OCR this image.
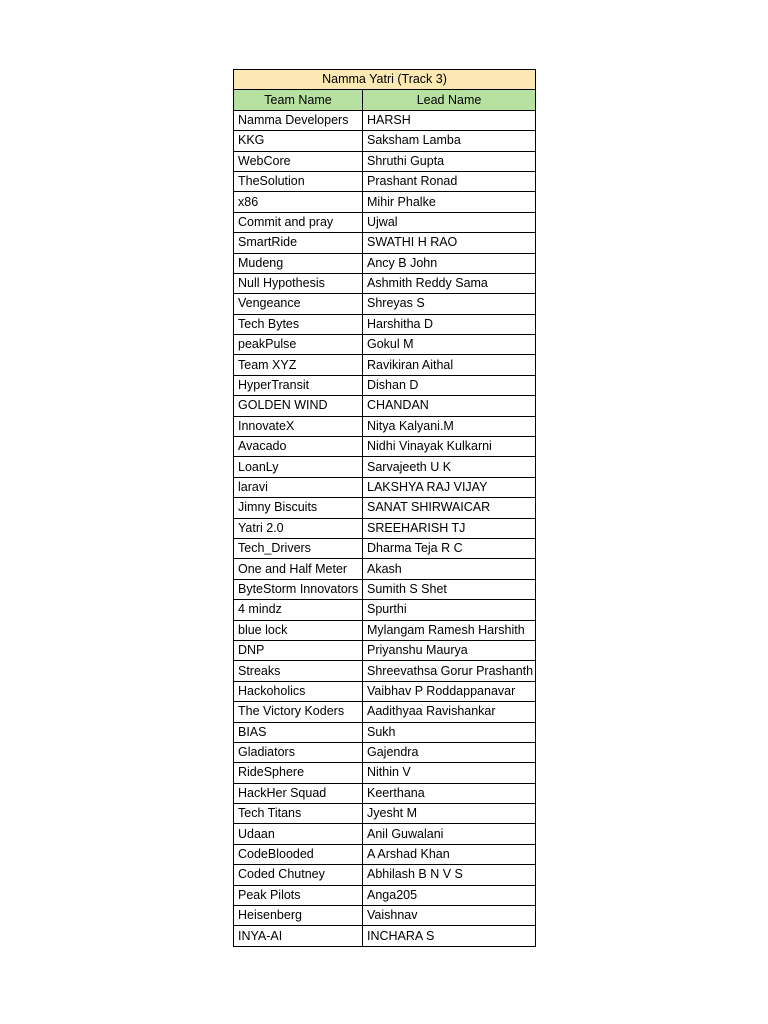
Namma Yatri (Track 3)	
Team Name	Lead Name
Namma Developers	HARSH
KKG	Saksham Lamba
WebCore	Shruthi Gupta
TheSolution	Prashant Ronad
x86	Mihir Phalke
Commit and pray	Ujwal
SmartRide	SWATHI H RAO
Mudeng	Ancy B John
Null Hypothesis	Ashmith Reddy Sama
Vengeance	Shreyas S
Tech Bytes	Harshitha D
peakPulse	Gokul M
Team XYZ	Ravikiran Aithal
HyperTransit	Dishan D
GOLDEN WIND	CHANDAN
InnovateX	Nitya Kalyani.M
Avacado	Nidhi Vinayak Kulkarni
LoanLy	Sarvajeeth U K
laravi	LAKSHYA RAJ VIJAY
Jimny Biscuits	SANAT SHIRWAICAR
Yatri 2.0	SREEHARISH TJ
Tech_Drivers	Dharma Teja R C
One and Half Meter	Akash
ByteStorm Innovators	Sumith S Shet
4 mindz	Spurthi
blue lock	Mylangam Ramesh Harshith
DNP	Priyanshu Maurya
Streaks	Shreevathsa Gorur Prashanth
Hackoholics	Vaibhav P Roddappanavar
The Victory Koders	Aadithyaa Ravishankar
BIAS	Sukh
Gladiators	Gajendra
RideSphere	Nithin V
HackHer Squad	Keerthana
Tech Titans	Jyesht M
Udaan	Anil Guwalani
CodeBlooded	A Arshad Khan
Coded Chutney	Abhilash B N V S
Peak Pilots	Anga205
Heisenberg	Vaishnav
INYA-AI	INCHARA S
